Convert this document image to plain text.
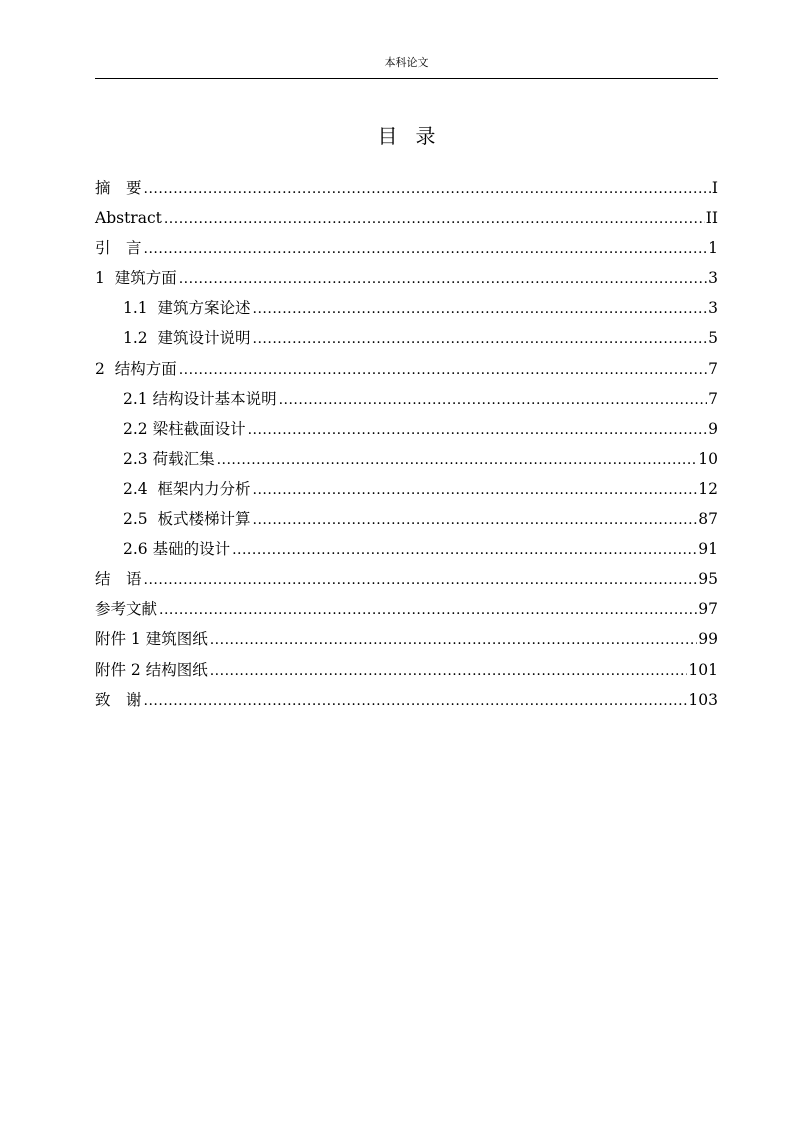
本科论文
目录
摘　要 .....	I
Abstract .....	II
引　言 .....	1
1  建筑方面 .....	3
1.1  建筑方案论述 .....	3
1.2  建筑设计说明 .....	5
2  结构方面 .....	7
2.1 结构设计基本说明 .....	7
2.2 梁柱截面设计 .....	9
2.3 荷载汇集 .....	10
2.4  框架内力分析 .....	12
2.5  板式楼梯计算 .....	87
2.6 基础的设计 .....	91
结　语 .....	95
参考文献 .....	97
附件 1 建筑图纸 .....	99
附件 2 结构图纸 .....	101
致　谢 .....	103
